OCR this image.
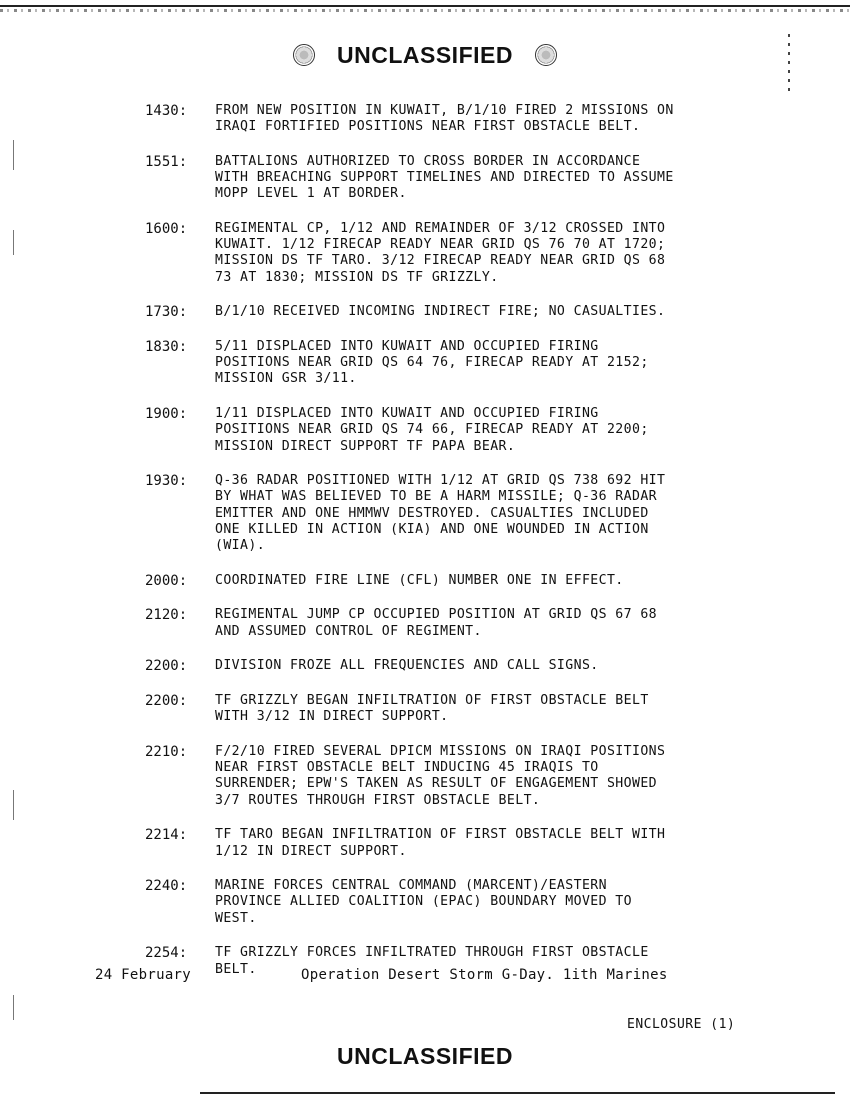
UNCLASSIFIED
1430:	FROM NEW POSITION IN KUWAIT, B/1/10 FIRED 2 MISSIONS ON
IRAQI FORTIFIED POSITIONS NEAR FIRST OBSTACLE BELT.
1551:	BATTALIONS AUTHORIZED TO CROSS BORDER IN ACCORDANCE
WITH BREACHING SUPPORT TIMELINES AND DIRECTED TO ASSUME
MOPP LEVEL 1 AT BORDER.
1600:	REGIMENTAL CP, 1/12 AND REMAINDER OF 3/12 CROSSED INTO
KUWAIT. 1/12 FIRECAP READY NEAR GRID QS 76 70 AT 1720;
MISSION DS TF TARO. 3/12 FIRECAP READY NEAR GRID QS 68
73 AT 1830; MISSION DS TF GRIZZLY.
1730:	B/1/10 RECEIVED INCOMING INDIRECT FIRE; NO CASUALTIES.
1830:	5/11 DISPLACED INTO KUWAIT AND OCCUPIED FIRING
POSITIONS NEAR GRID QS 64 76, FIRECAP READY AT 2152;
MISSION GSR 3/11.
1900:	1/11 DISPLACED INTO KUWAIT AND OCCUPIED FIRING
POSITIONS NEAR GRID QS 74 66, FIRECAP READY AT 2200;
MISSION DIRECT SUPPORT TF PAPA BEAR.
1930:	Q-36 RADAR POSITIONED WITH 1/12 AT GRID QS 738 692 HIT
BY WHAT WAS BELIEVED TO BE A HARM MISSILE; Q-36 RADAR
EMITTER AND ONE HMMWV DESTROYED. CASUALTIES INCLUDED
ONE KILLED IN ACTION (KIA) AND ONE WOUNDED IN ACTION
(WIA).
2000:	COORDINATED FIRE LINE (CFL) NUMBER ONE IN EFFECT.
2120:	REGIMENTAL JUMP CP OCCUPIED POSITION AT GRID QS 67 68
AND ASSUMED CONTROL OF REGIMENT.
2200:	DIVISION FROZE ALL FREQUENCIES AND CALL SIGNS.
2200:	TF GRIZZLY BEGAN INFILTRATION OF FIRST OBSTACLE BELT
WITH 3/12 IN DIRECT SUPPORT.
2210:	F/2/10 FIRED SEVERAL DPICM MISSIONS ON IRAQI POSITIONS
NEAR FIRST OBSTACLE BELT INDUCING 45 IRAQIS TO
SURRENDER; EPW'S TAKEN AS RESULT OF ENGAGEMENT SHOWED
3/7 ROUTES THROUGH FIRST OBSTACLE BELT.
2214:	TF TARO BEGAN INFILTRATION OF FIRST OBSTACLE BELT WITH
1/12 IN DIRECT SUPPORT.
2240:	MARINE FORCES CENTRAL COMMAND (MARCENT)/EASTERN
PROVINCE ALLIED COALITION (EPAC) BOUNDARY MOVED TO
WEST.
2254:	TF GRIZZLY FORCES INFILTRATED THROUGH FIRST OBSTACLE
BELT.
24 February	Operation Desert Storm G-Day. 1ith Marines
ENCLOSURE (1)
UNCLASSIFIED
